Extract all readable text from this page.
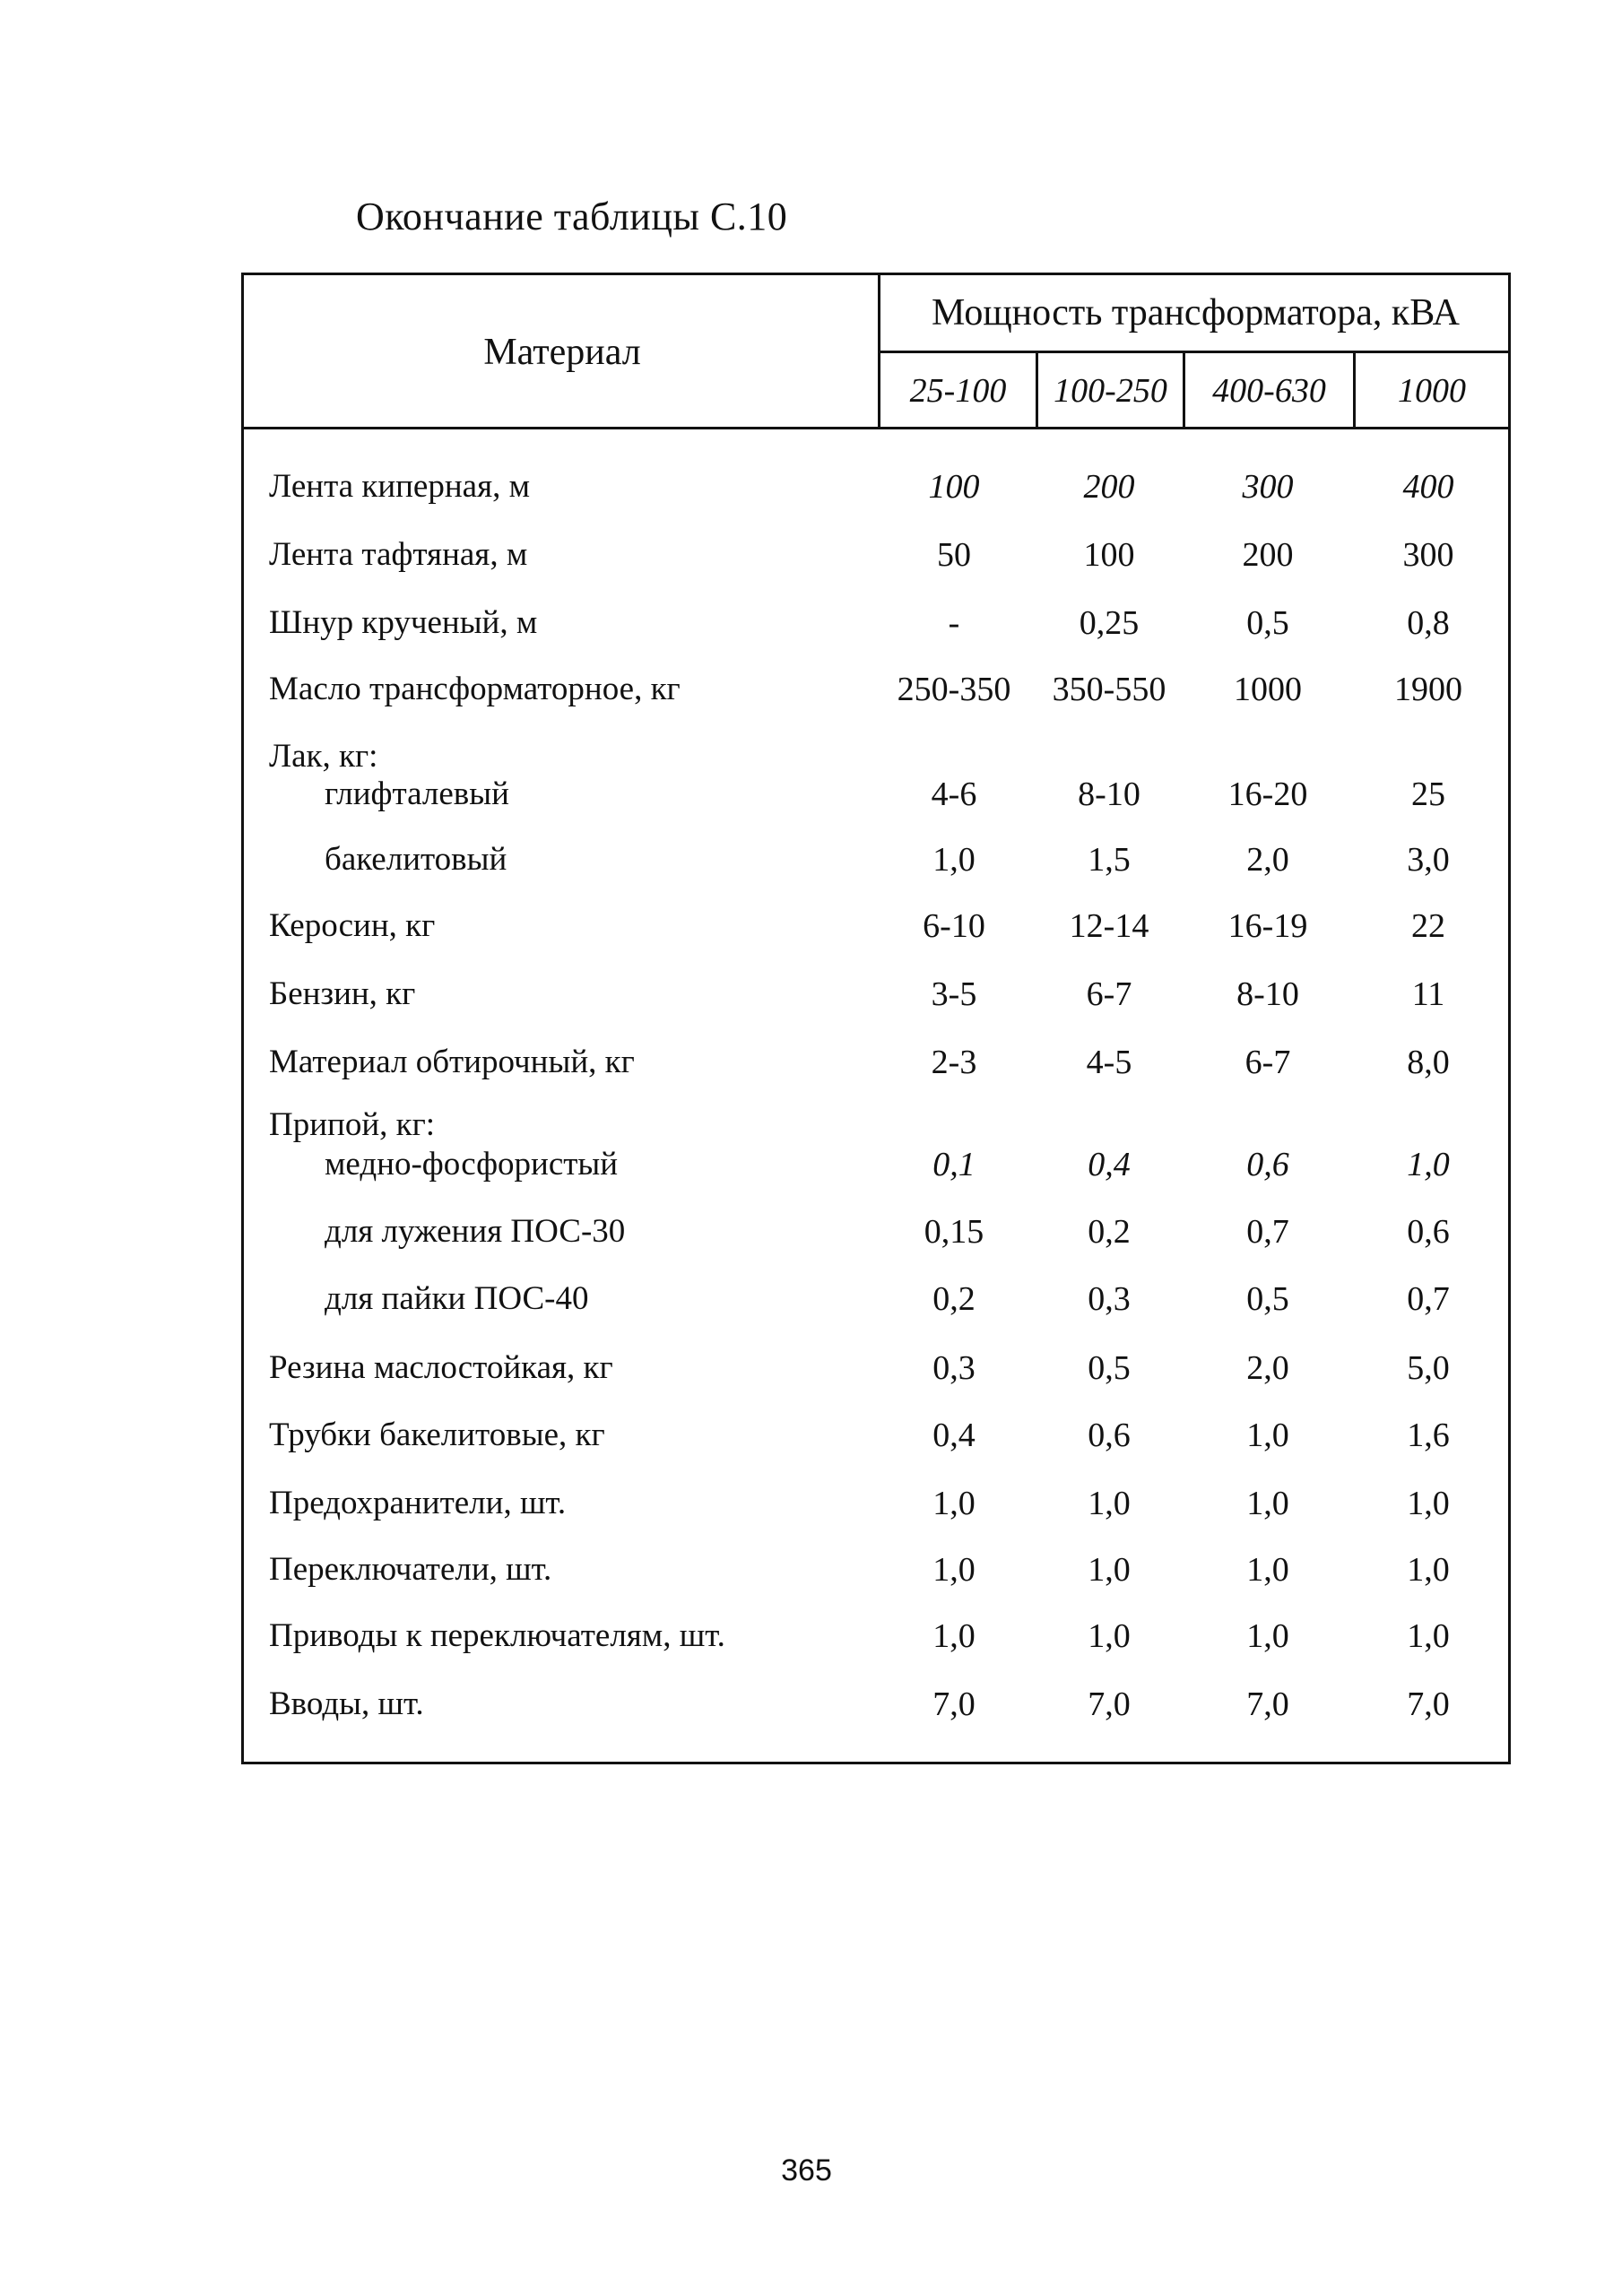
Окончание таблицы С.10
Материал
Мощность трансформатора, кВА
25-100	100-250	400-630	1000
Лента киперная, м	100	200	300	400
Лента тафтяная, м	50	100	200	300
Шнур крученый, м	-	0,25	0,5	0,8
Масло трансформаторное, кг	250-350	350-550	1000	1900
Лак, кг:
глифталевый	4-6	8-10	16-20	25
бакелитовый	1,0	1,5	2,0	3,0
Керосин, кг	6-10	12-14	16-19	22
Бензин, кг	3-5	6-7	8-10	11
Материал обтирочный, кг	2-3	4-5	6-7	8,0
Припой, кг:
медно-фосфористый	0,1	0,4	0,6	1,0
для лужения ПОС-30	0,15	0,2	0,7	0,6
для пайки ПОС-40	0,2	0,3	0,5	0,7
Резина маслостойкая, кг	0,3	0,5	2,0	5,0
Трубки бакелитовые, кг	0,4	0,6	1,0	1,6
Предохранители, шт.	1,0	1,0	1,0	1,0
Переключатели, шт.	1,0	1,0	1,0	1,0
Приводы к переключателям, шт.	1,0	1,0	1,0	1,0
Вводы, шт.	7,0	7,0	7,0	7,0
365
